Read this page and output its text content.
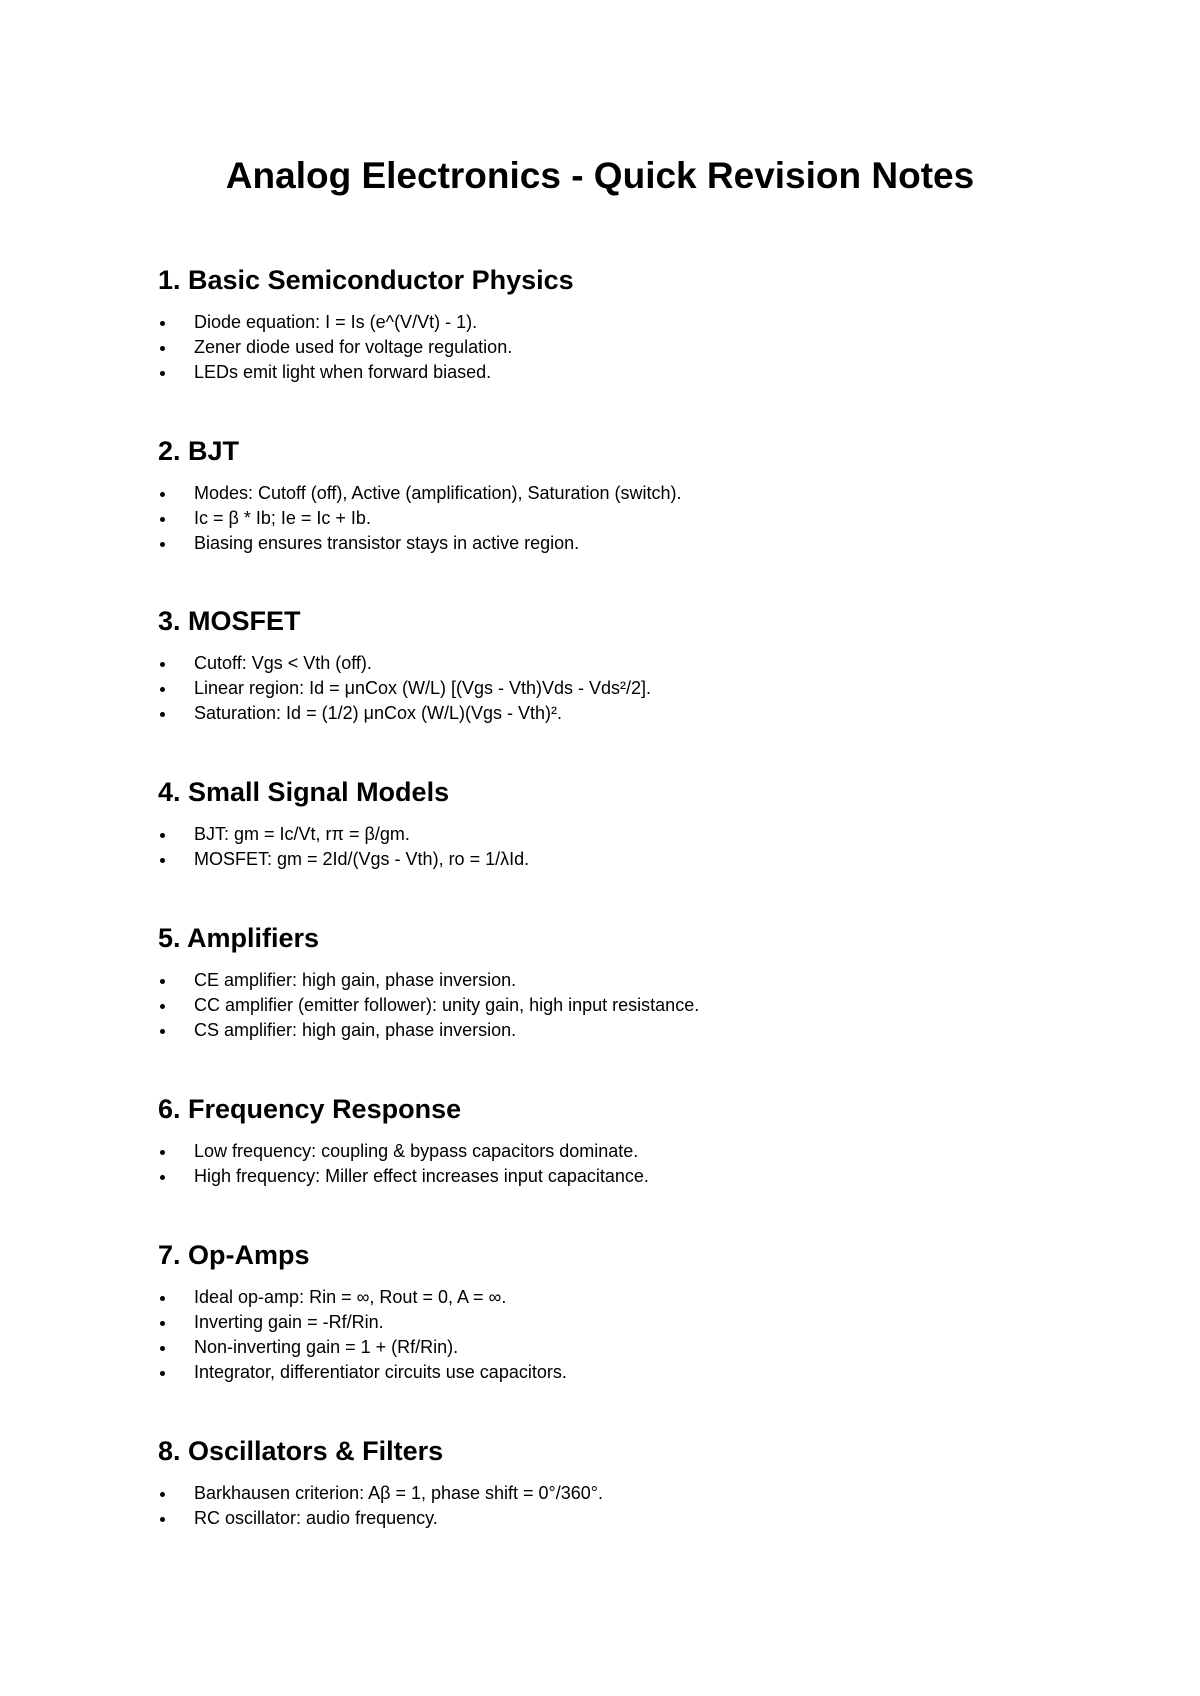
Analog Electronics - Quick Revision Notes
1. Basic Semiconductor Physics
Diode equation: I = Is (e^(V/Vt) - 1).
Zener diode used for voltage regulation.
LEDs emit light when forward biased.
2. BJT
Modes: Cutoff (off), Active (amplification), Saturation (switch).
Ic = β * Ib; Ie = Ic + Ib.
Biasing ensures transistor stays in active region.
3. MOSFET
Cutoff: Vgs < Vth (off).
Linear region: Id = μnCox (W/L) [(Vgs - Vth)Vds - Vds²/2].
Saturation: Id = (1/2) μnCox (W/L)(Vgs - Vth)².
4. Small Signal Models
BJT: gm = Ic/Vt, rπ = β/gm.
MOSFET: gm = 2Id/(Vgs - Vth), ro = 1/λId.
5. Amplifiers
CE amplifier: high gain, phase inversion.
CC amplifier (emitter follower): unity gain, high input resistance.
CS amplifier: high gain, phase inversion.
6. Frequency Response
Low frequency: coupling & bypass capacitors dominate.
High frequency: Miller effect increases input capacitance.
7. Op-Amps
Ideal op-amp: Rin = ∞, Rout = 0, A = ∞.
Inverting gain = -Rf/Rin.
Non-inverting gain = 1 + (Rf/Rin).
Integrator, differentiator circuits use capacitors.
8. Oscillators & Filters
Barkhausen criterion: Aβ = 1, phase shift = 0°/360°.
RC oscillator: audio frequency.
